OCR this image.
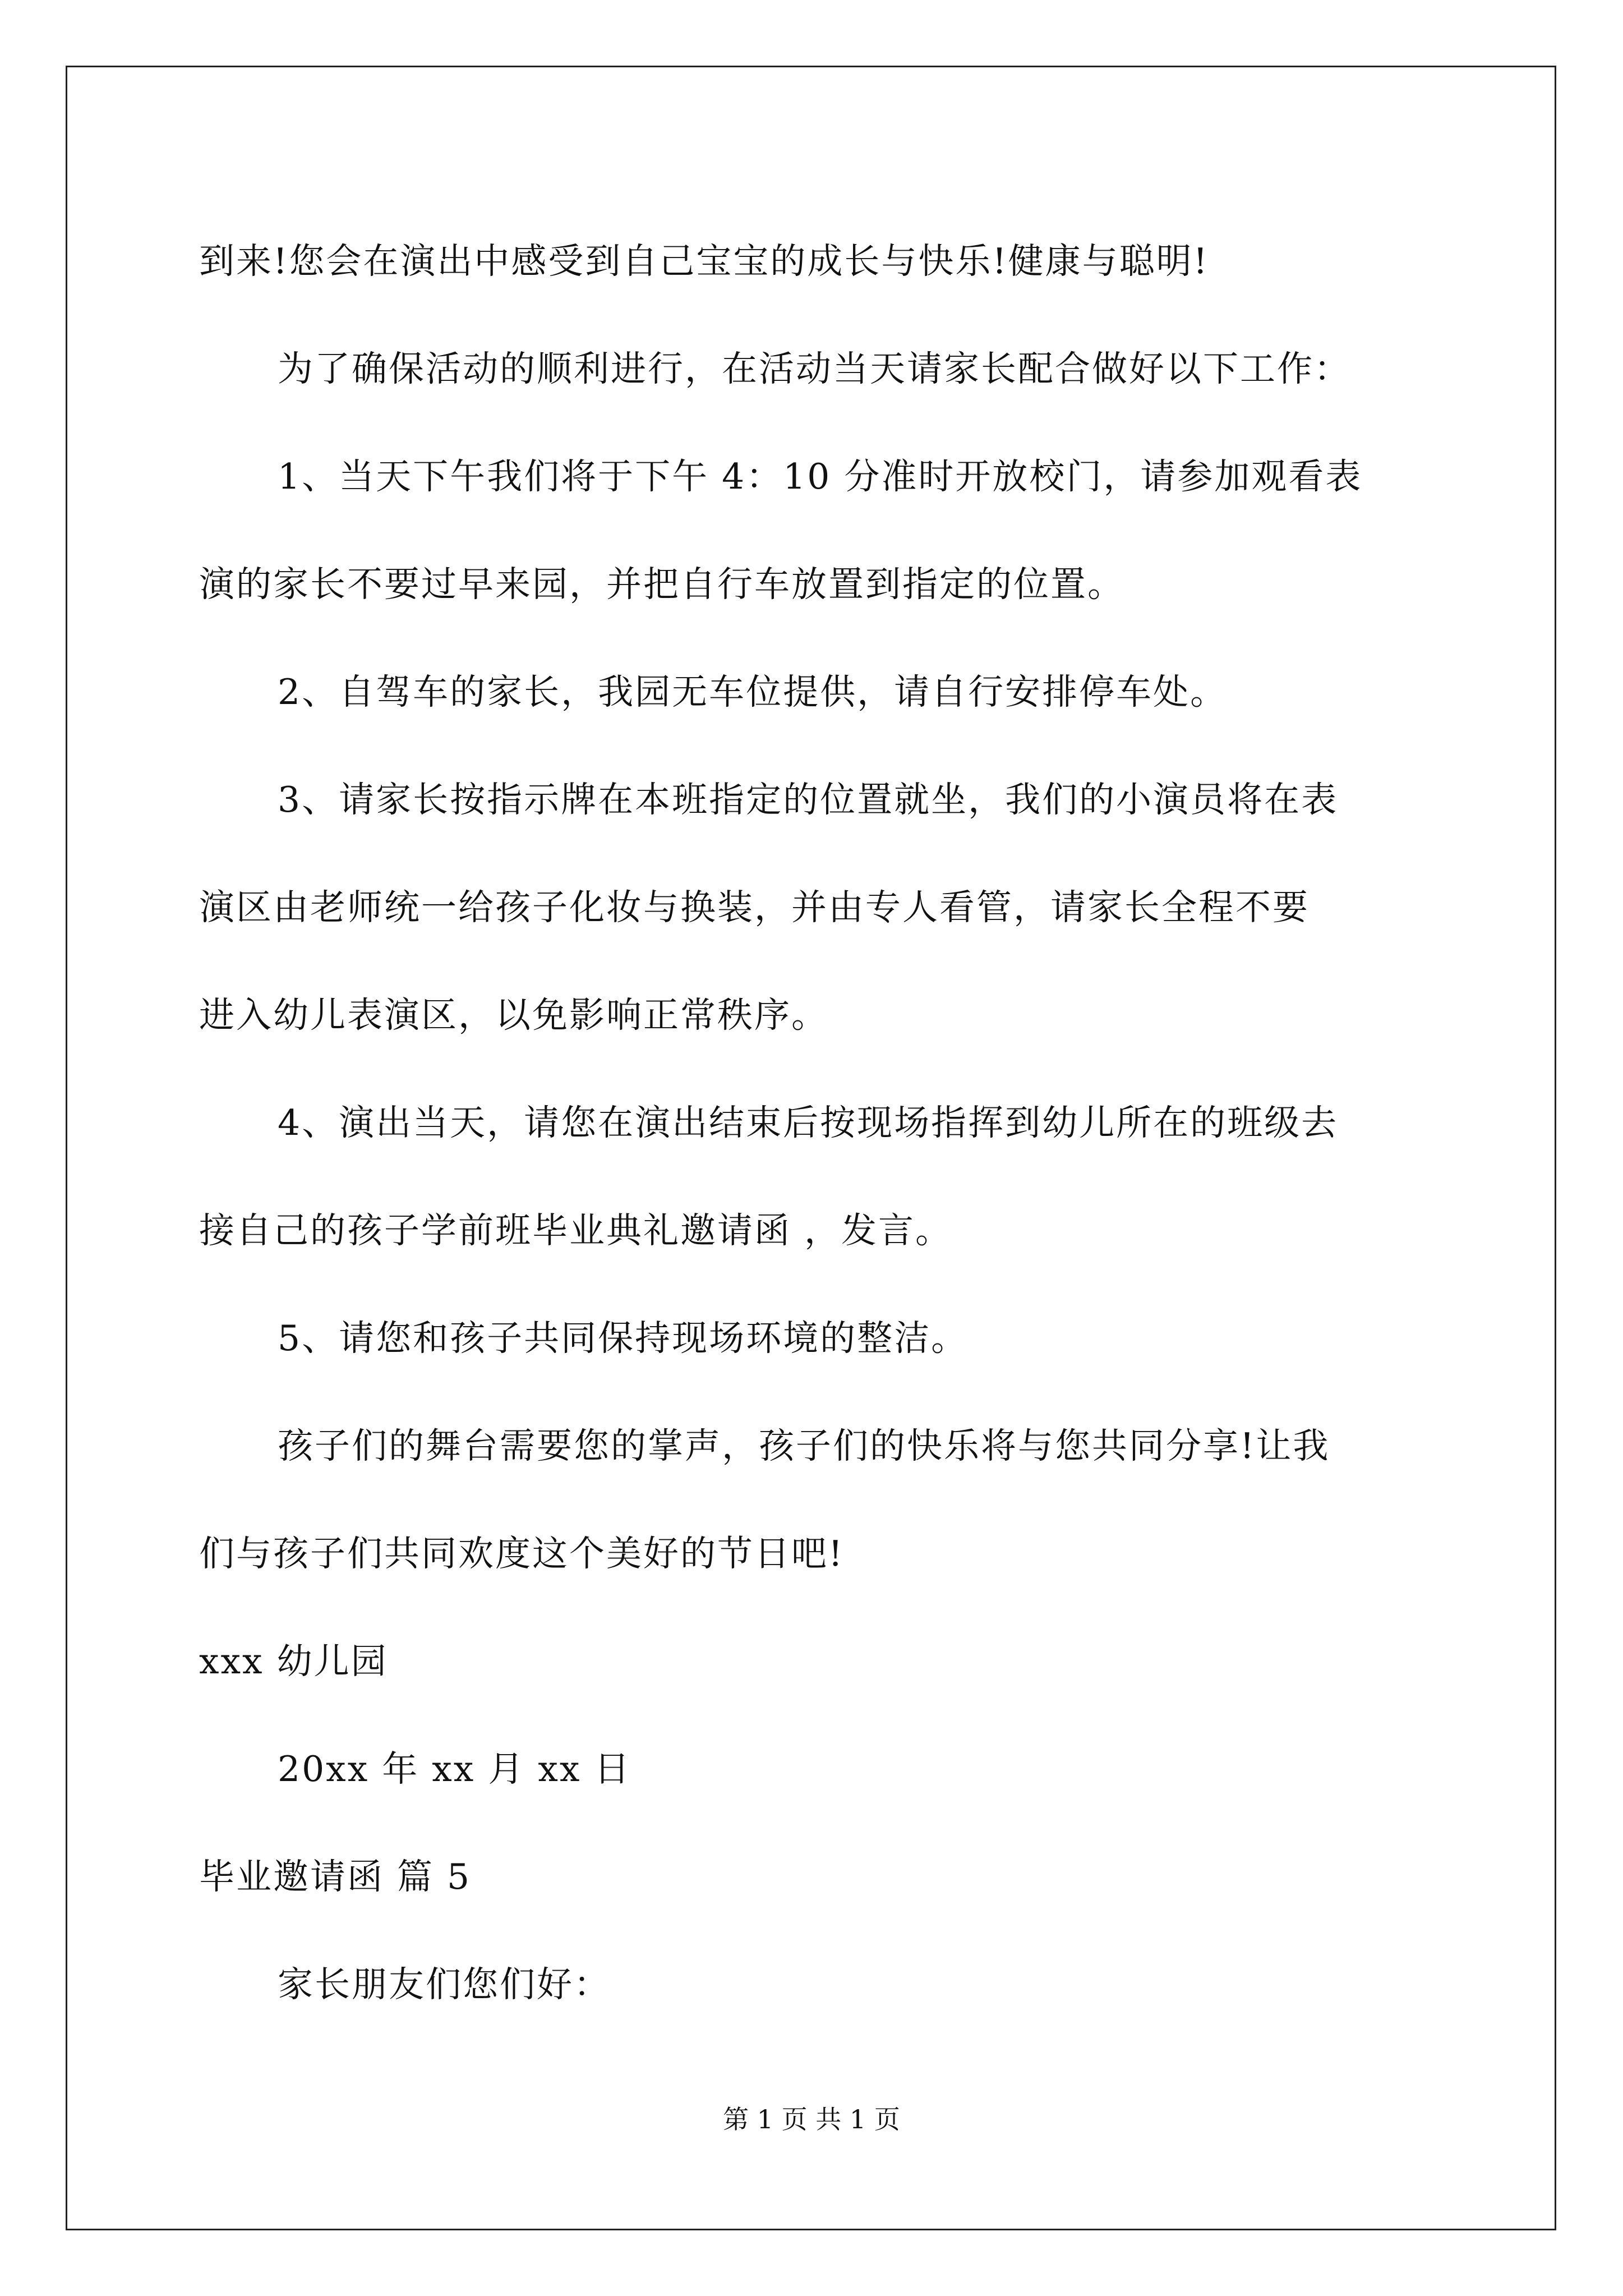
到来!您会在演出中感受到自己宝宝的成长与快乐!健康与聪明!
为了确保活动的顺利进行，在活动当天请家长配合做好以下工作：
1、当天下午我们将于下午 4：10 分准时开放校门，请参加观看表
演的家长不要过早来园，并把自行车放置到指定的位置。
2、自驾车的家长，我园无车位提供，请自行安排停车处。
3、请家长按指示牌在本班指定的位置就坐，我们的小演员将在表
演区由老师统一给孩子化妆与换装，并由专人看管，请家长全程不要
进入幼儿表演区，以免影响正常秩序。
4、演出当天，请您在演出结束后按现场指挥到幼儿所在的班级去
接自己的孩子学前班毕业典礼邀请函 ，发言。
5、请您和孩子共同保持现场环境的整洁。
孩子们的舞台需要您的掌声，孩子们的快乐将与您共同分享!让我
们与孩子们共同欢度这个美好的节日吧!
xxx 幼儿园
20xx 年 xx 月 xx 日
毕业邀请函 篇 5
家长朋友们您们好：
第 1 页 共 1 页
